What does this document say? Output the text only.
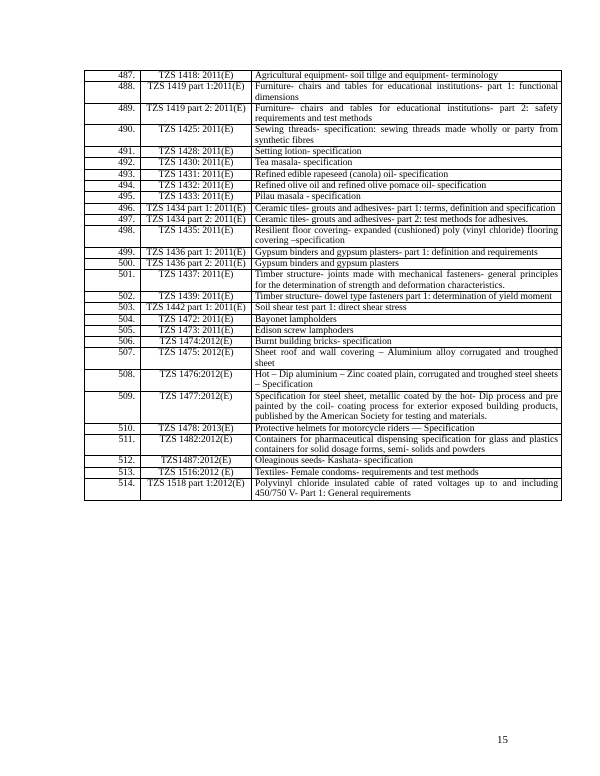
487.	TZS 1418: 2011(E)	Agricultural equipment- soil tillge and equipment- terminology
488.	TZS 1419 part 1:2011(E)	Furniture- chairs and tables for educational institutions- part 1: functional dimensions
489.	TZS 1419 part 2: 2011(E)	Furniture- chairs and tables for educational institutions- part 2: safety requirements and test methods
490.	TZS 1425: 2011(E)	Sewing threads- specification: sewing threads made wholly or party from synthetic fibres
491.	TZS 1428: 2011(E)	Setting lotion- specification
492.	TZS 1430: 2011(E)	Tea masala- specification
493.	TZS 1431: 2011(E)	Refined edible rapeseed (canola) oil- specification
494.	TZS 1432: 2011(E)	Refined olive oil and refined olive pomace oil- specification
495.	TZS 1433: 2011(E)	Pilau masala - specification
496.	TZS 1434 part 1: 2011(E)	Ceramic tiles- grouts and adhesives- part 1: terms, definition and specification
497.	TZS 1434 part 2: 2011(E)	Ceramic tiles- grouts and adhesives- part 2: test methods for adhesives.
498.	TZS 1435: 2011(E)	Resilient floor covering- expanded (cushioned) poly (vinyl chloride) flooring covering –specification
499.	TZS 1436 part 1: 2011(E)	Gypsum binders and gypsum plasters- part 1: definition and requirements
500.	TZS 1436 part 2: 2011(E)	Gypsum binders and gypsum plasters
501.	TZS 1437: 2011(E)	Timber structure- joints made with mechanical fasteners- general principles for the determination of strength and deformation characteristics.
502.	TZS 1439: 2011(E)	Timber structure- dowel type fasteners part 1: determination of yield moment
503.	TZS 1442 part 1: 2011(E)	Soil shear test part 1: direct shear stress
504.	TZS 1472: 2011(E)	Bayonet lampholders
505.	TZS 1473: 2011(E)	Edison screw lamphoders
506.	TZS 1474:2012(E)	Burnt building bricks- specification
507.	TZS 1475: 2012(E)	Sheet roof and wall covering – Aluminium alloy corrugated and troughed sheet
508.	TZS 1476:2012(E)	Hot – Dip aluminium – Zinc coated plain, corrugated and troughed steel sheets – Specification
509.	TZS 1477:2012(E)	Specification for steel sheet, metallic coated by the hot- Dip process and pre painted by the coil- coating process for exterior exposed building products, published by the American Society for testing and materials.
510.	TZS 1478: 2013(E)	Protective helmets for motorcycle riders — Specification
511.	TZS 1482:2012(E)	Containers for pharmaceutical dispensing specification for glass and plastics containers for solid dosage forms, semi- solids and powders
512.	TZS1487:2012(E)	Oleaginous seeds- Kashata- specification
513.	TZS 1516:2012 (E)	Textiles- Female condoms- requirements and test methods
514.	TZS 1518 part 1:2012(E)	Polyvinyl chloride insulated cable of rated voltages up to and including 450/750 V- Part 1: General requirements
15
